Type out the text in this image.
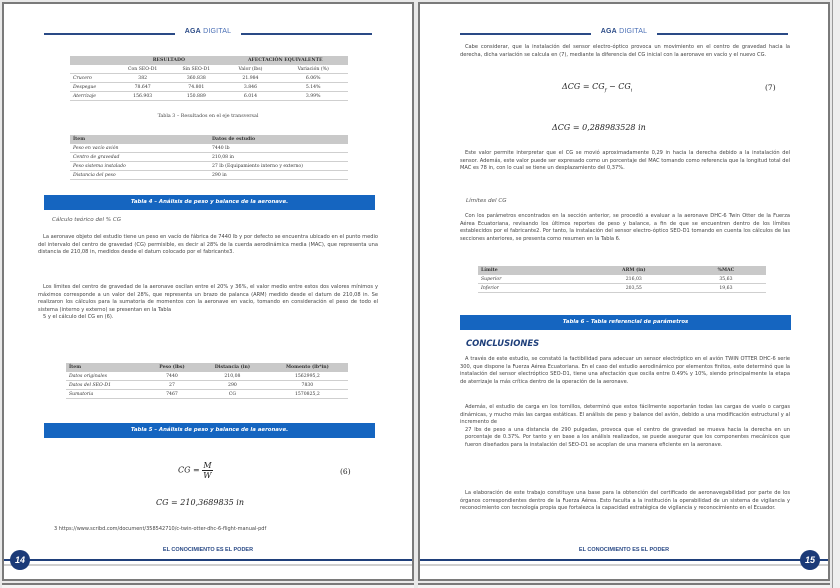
AGA DIGITAL
	RESULTADO		AFECTACIÓN EQUIVALENTE	
	Con SEO-D1	Sin SEO-D1	Valor (lbs)	Variación (%)
Crucero	382	360.838	21.984	6.06%
Despegue	78.647	74.801	3.846	5.14%
Aterrizaje	156.903	150.889	6.014	3.99%
Tabla 3 – Resultados en el eje transversal
Ítem	Datos de estudio
Peso en vacío avión	7440 lb
Centro de gravedad	210,08 in
Peso sistema instalado	27 lb (Equipamiento interno y externo)
Distancia del peso	290 in
Tabla 4 – Análisis de peso y balance de la aeronave.
Cálculo teórico del % CG

La aeronave objeto del estudio tiene un peso en vacío de fábrica de 7440 lb y por defecto se encuentra ubicado en el punto medio del intervalo del centro de gravedad (CG) permisible, es decir al 28% de la cuerda aerodinámica media (MAC), que representa una distancia de 210,08 in, medidos desde el datum colocado por el fabricante3.

Los límites del centro de gravedad de la aeronave oscilan entre el 20% y 36%, el valor medio entre estos dos valores mínimos y máximos corresponde a un valor del 28%, que representa un brazo de palanca (ARM) medido desde el datum de 210,08 in. Se realizaron los cálculos para la sumatoria de momentos con la aeronave en vacío, tomando en consideración el peso de todo el sistema (interno y externo) se presentan en la Tabla

5 y el cálculo del CG en (6).
Ítem	Peso (lbs)	Distancia (in)	Momento (lb*in)
Datos originales	7440	210,08	1562995,2
Datos del SEO-D1	27	290	7830
Sumatoria	7467	CG	1570825,2
Tabla 5 – Análisis de peso y balance de la aeronave.
CG = $\frac{M}{W}$	(6)
CG = 210,3689835 in
3 https://www.scribd.com/document/358542710/c-twin-otter-dhc-6-flight-manual-pdf
EL CONOCIMIENTO ES EL PODER
14
AGA DIGITAL

Cabe considerar, que la instalación del sensor electro-óptico provoca un movimiento en el centro de gravedad hacia la derecha, dicha variación se calcula en (7), mediante la diferencia del CG inicial con la aeronave en vacío y el nuevo CG.

$\Delta CG = CG_f - CG_i$	(7)
ΔCG = 0,288983528 in

Este valor permite interpretar que el CG se movió aproximadamente 0,29 in hacia la derecha debido a la instalación del sensor. Además, este valor puede ser expresado como un porcentaje del MAC tomando como referencia que la longitud total del MAC es 78 in, con lo cual se tiene un desplazamiento del 0,37%.

Límites del CG

Con los parámetros encontrados en la sección anterior, se procedió a evaluar a la aeronave DHC-6 Twin Otter de la Fuerza Aérea Ecuatoriana, revisando los últimos reportes de peso y balance, a fin de que se encuentren dentro de los límites establecidos por el fabricante2. Por tanto, la instalación del sensor electro-óptico SEO-D1 tomando en cuenta los cálculos de las secciones anteriores, se presenta como resumen en la Tabla 6.

Límite	ARM (in)	%MAC
Superior	216,03	35,63
Inferior	203,55	19,63
Tabla 6 – Tabla referencial de parámetros
CONCLUSIONES

A través de este estudio, se constató la factibilidad para adecuar un sensor electróptico en el avión TWIN OTTER DHC-6 serie 300, que dispone la Fuerza Aérea Ecuatoriana. En el caso del estudio aerodinámico por elementos finitos, este determinó que la instalación del sensor electróptico SEO-D1, tiene una afectación que oscila entre 0.49% y 10%, siendo principalmente la etapa de aterrizaje la más crítica dentro de la operación de la aeronave.

Además, el estudio de carga en los tornillos, determinó que estos fácilmente soportarán todas las cargas de vuelo o cargas dinámicas, y mucho más las cargas estáticas. El análisis de peso y balance del avión, debido a una modificación estructural y al incremento de

27 lbs de peso a una distancia de 290 pulgadas, provoca que el centro de gravedad se mueva hacia la derecha en un porcentaje de 0.37%. Por tanto y en base a los análisis realizados, se puede asegurar que los componentes mecánicos que fueron diseñados para la instalación del SEO-D1 se acoplan de una manera eficiente en la aeronave.

La elaboración de este trabajo constituye una base para la obtención del certificado de aeronavegabilidad por parte de los órganos correspondientes dentro de la Fuerza Aérea. Esto faculta a la institución la operabilidad de un sistema de vigilancia y reconocimiento con tecnología propia que fortalezca la capacidad estratégica de vigilancia y reconocimiento en el Ecuador.

EL CONOCIMIENTO ES EL PODER
15
